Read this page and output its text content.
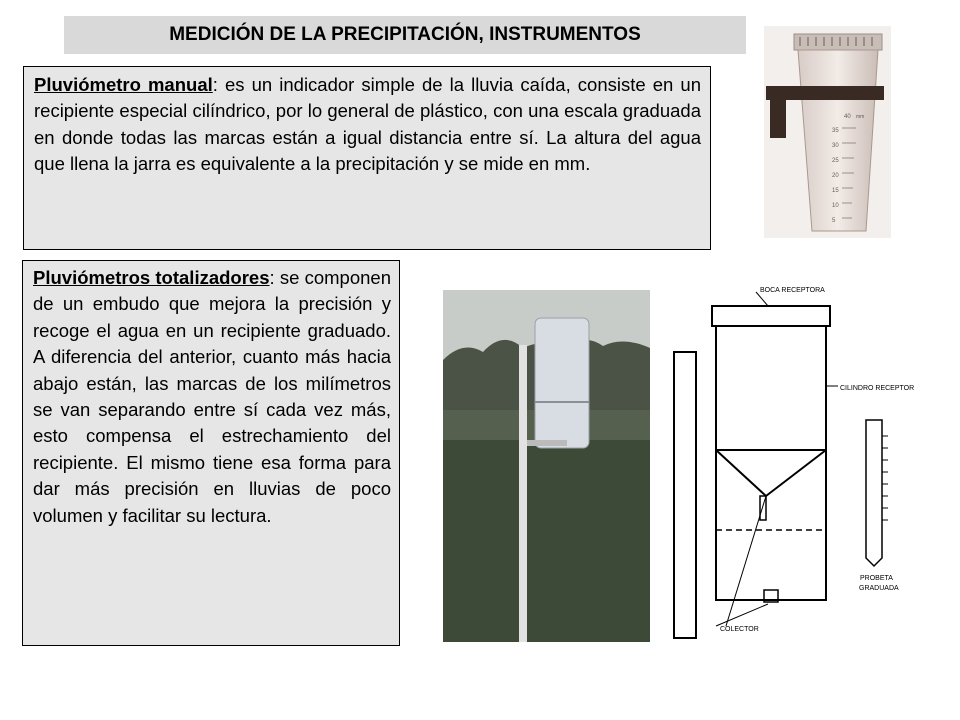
MEDICIÓN DE LA PRECIPITACIÓN, INSTRUMENTOS
Pluviómetro manual: es un indicador simple de la lluvia caída, consiste en un recipiente especial cilíndrico, por lo general de plástico, con una escala graduada en donde todas las marcas están a igual distancia entre sí. La altura del agua que llena la jarra es equivalente a la precipitación y se mide en mm.
40 mm
35
30
25
20
15
10
5
Pluviómetros totalizadores: se componen de un embudo que mejora la precisión y recoge el agua en un recipiente graduado. A diferencia del anterior, cuanto más hacia abajo están, las marcas de los milímetros se van separando entre sí cada vez más, esto compensa el estrechamiento del recipiente. El mismo tiene esa forma para dar más precisión en lluvias de poco volumen y facilitar su lectura.
BOCA RECEPTORA
CILINDRO RECEPTOR
COLECTOR
PROBETA
GRADUADA
